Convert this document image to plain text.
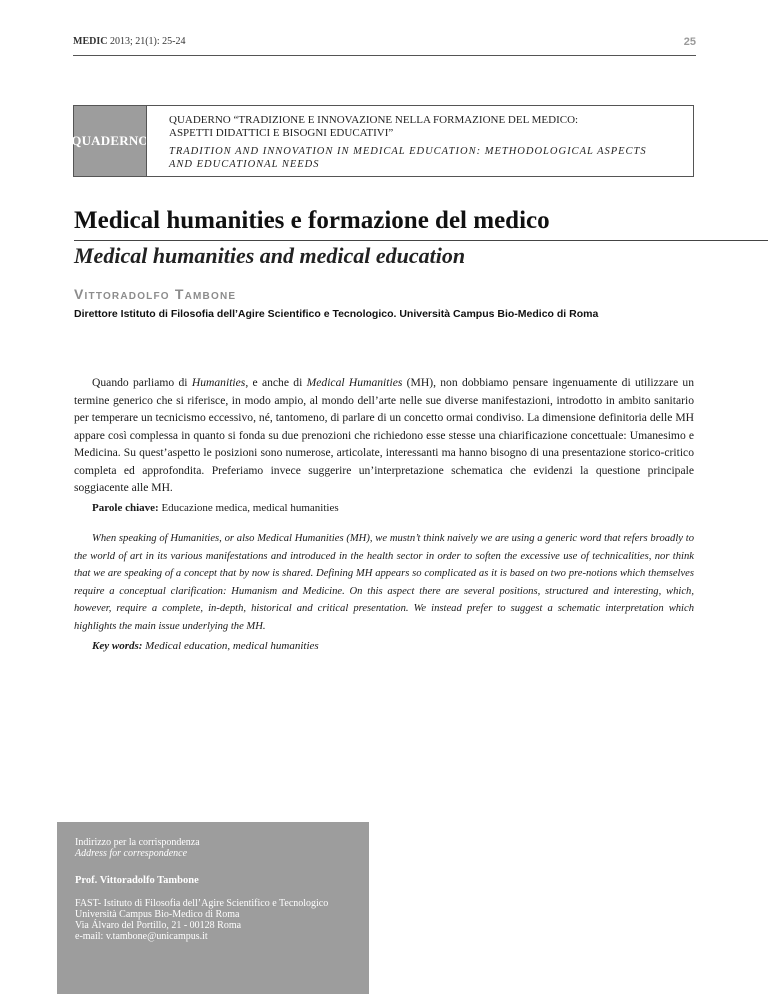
MEDIC 2013; 21(1): 25-24	25
QUADERNO
QUADERNO “TRADIZIONE E INNOVAZIONE NELLA FORMAZIONE DEL MEDICO:
ASPETTI DIDATTICI E BISOGNI EDUCATIVI”
TRADITION AND INNOVATION IN MEDICAL EDUCATION: METHODOLOGICAL ASPECTS
AND EDUCATIONAL NEEDS
Medical humanities e formazione del medico
Medical humanities and medical education
Vittoradolfo Tambone
Direttore Istituto di Filosofia dell’Agire Scientifico e Tecnologico. Università Campus Bio-Medico di Roma
Quando parliamo di Humanities, e anche di Medical Humanities (MH), non dobbiamo pensare ingenuamente di utilizzare un termine generico che si riferisce, in modo ampio, al mondo dell’arte nelle sue diverse manifestazioni, introdotto in ambito sanitario per temperare un tecnicismo eccessivo, né, tantomeno, di parlare di un concetto ormai condiviso. La dimensione definitoria delle MH appare così complessa in quanto si fonda su due prenozioni che richiedono esse stesse una chiarificazione concettuale: Umanesimo e Medicina. Su quest’aspetto le posizioni sono numerose, articolate, interessanti ma hanno bisogno di una presentazione storico-critico completa ed approfondita. Preferiamo invece suggerire un’interpretazione schematica che evidenzi la questione principale soggiacente alle MH.
Parole chiave: Educazione medica, medical humanities
When speaking of Humanities, or also Medical Humanities (MH), we mustn’t think naively we are using a generic word that refers broadly to the world of art in its various manifestations and introduced in the health sector in order to soften the excessive use of technicalities, nor think that we are speaking of a concept that by now is shared. Defining MH appears so complicated as it is based on two pre-notions which themselves require a conceptual clarification: Humanism and Medicine. On this aspect there are several positions, structured and interesting, which, however, require a complete, in-depth, historical and critical presentation. We instead prefer to suggest a schematic interpretation which highlights the main issue underlying the MH.
Key words: Medical education, medical humanities
Indirizzo per la corrispondenza
Address for correspondence
Prof. Vittoradolfo Tambone
FAST- Istituto di Filosofia dell’Agire Scientifico e Tecnologico
Università Campus Bio-Medico di Roma
Via Álvaro del Portillo, 21 - 00128 Roma
e-mail: v.tambone@unicampus.it
